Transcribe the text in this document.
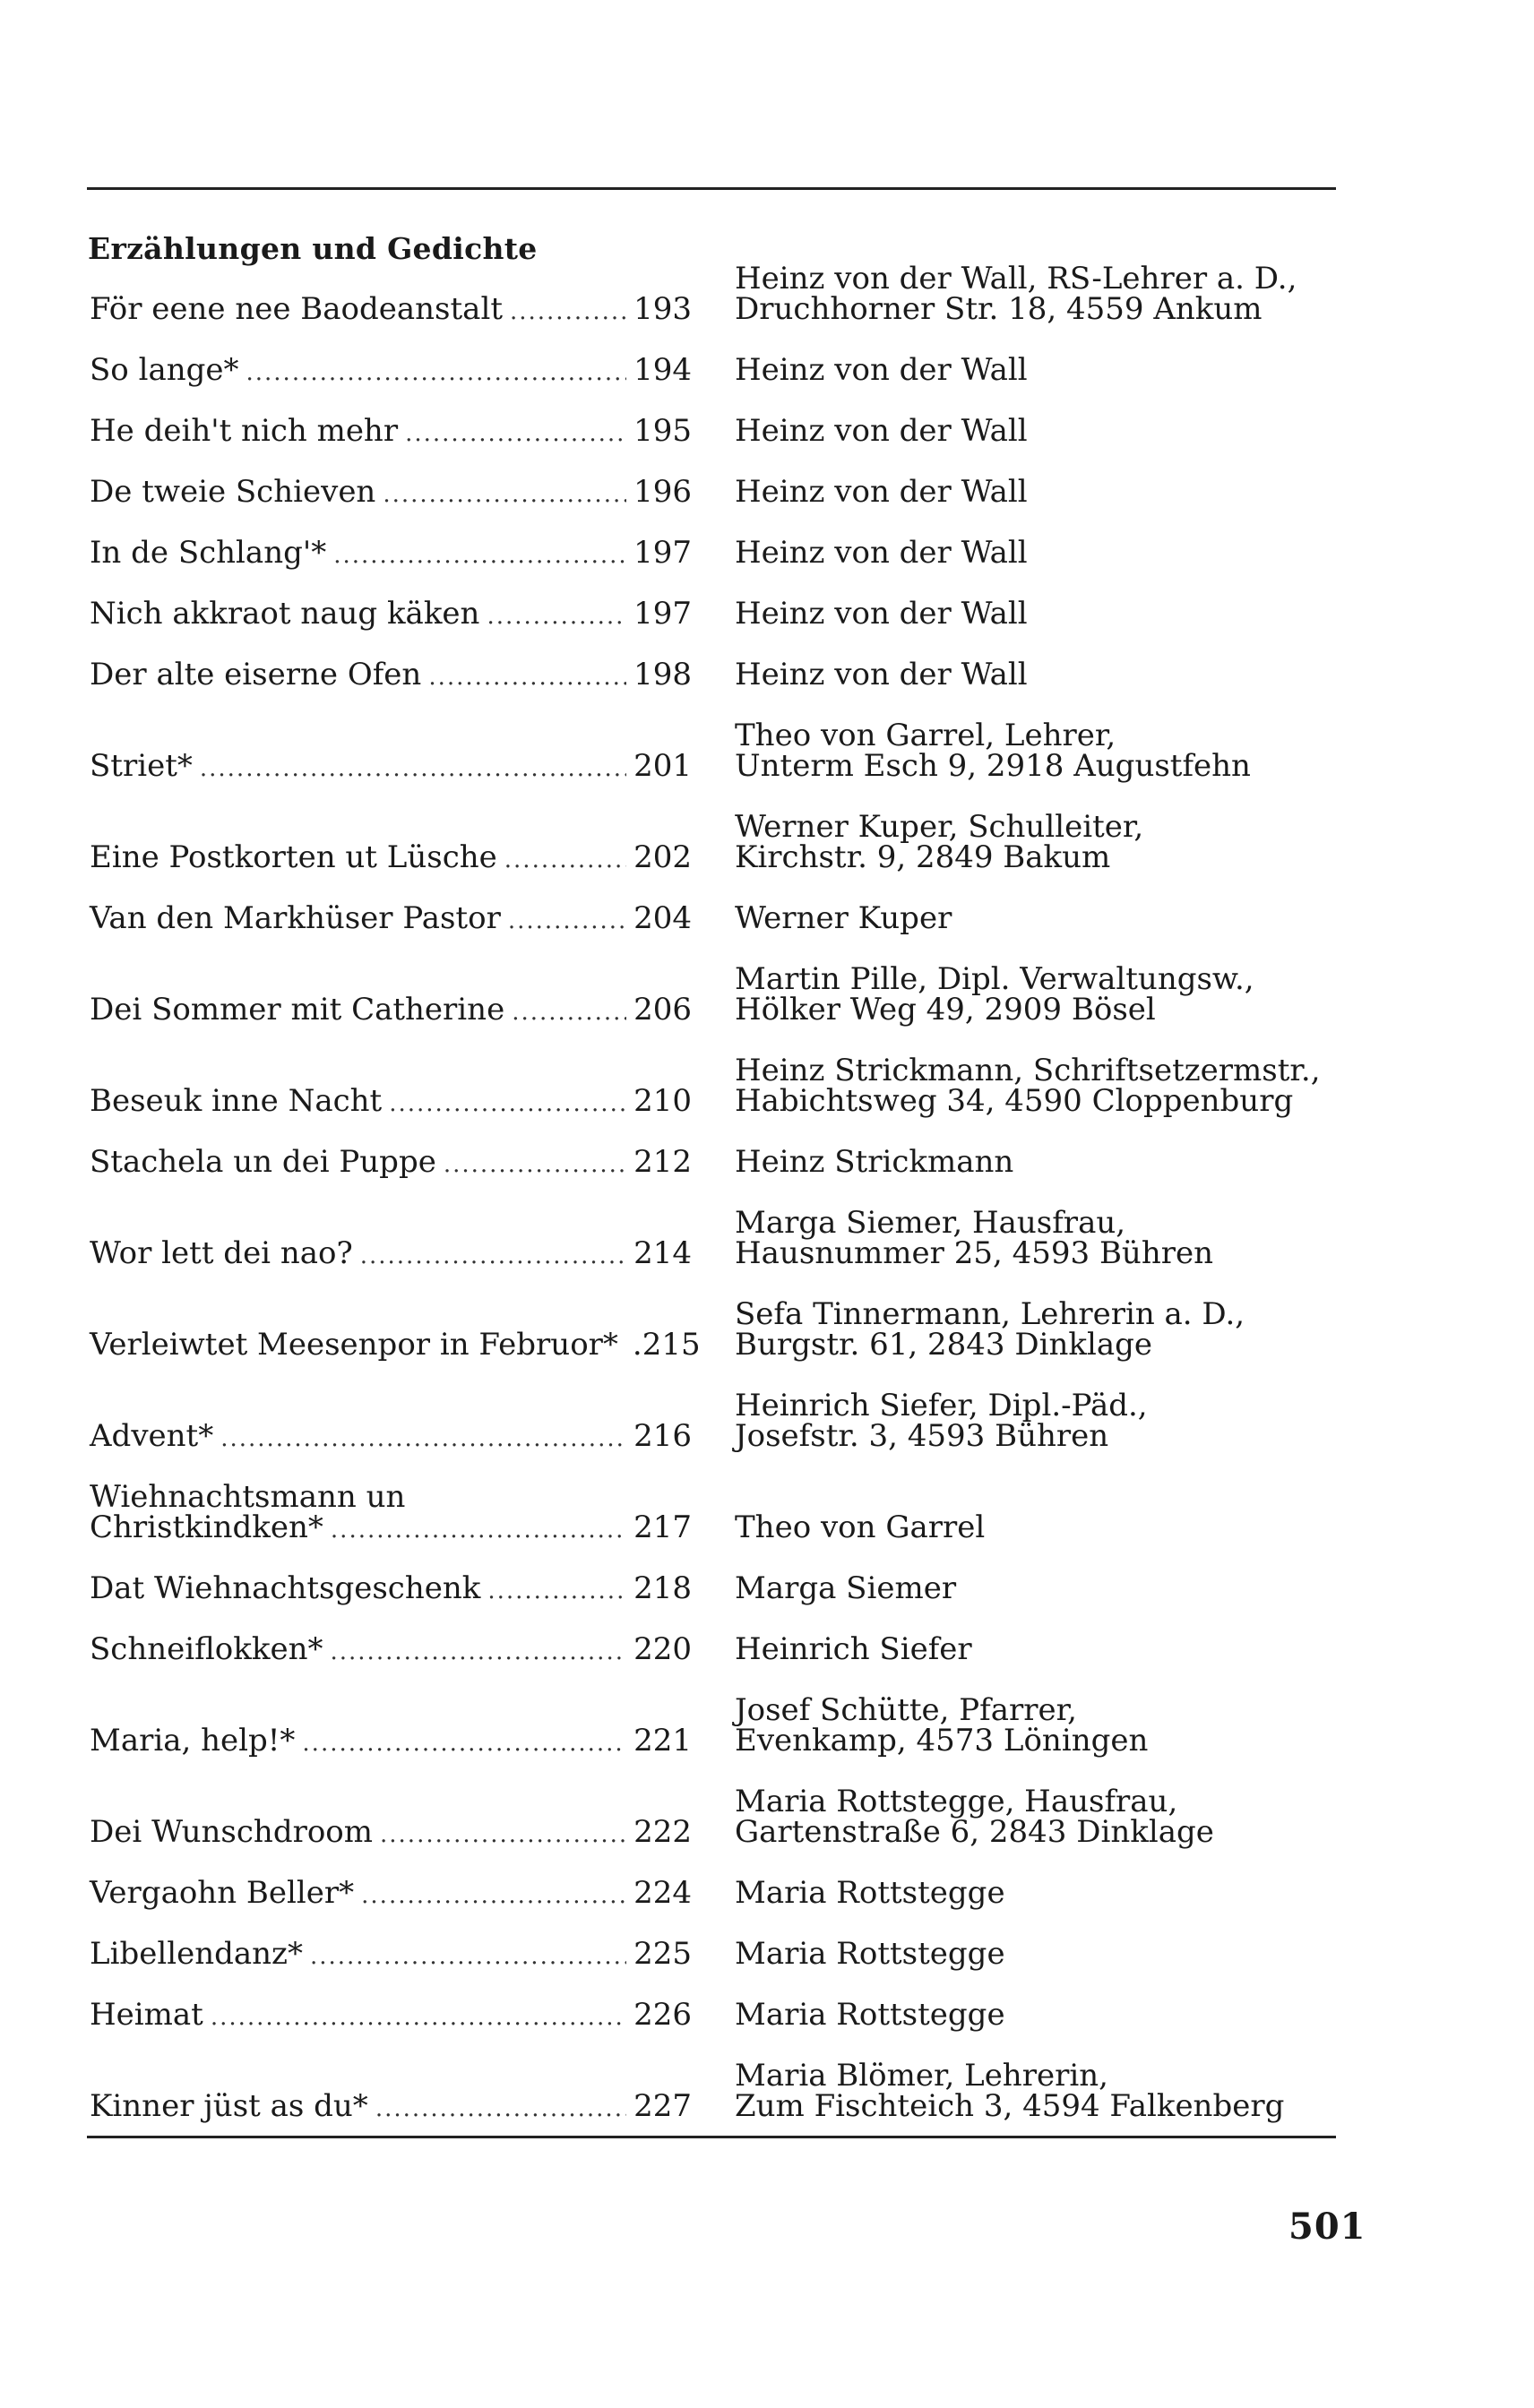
Erzählungen und Gedichte
För eene nee Baodeanstalt .....	193
Heinz von der Wall, RS-Lehrer a. D.,
Druchhorner Str. 18, 4559 Ankum
So lange* .....	194 Heinz von der Wall
He deih't nich mehr .....	195 Heinz von der Wall
De tweie Schieven .....	196 Heinz von der Wall
In de Schlang'* .....	197 Heinz von der Wall
Nich akkraot naug käken .....	197 Heinz von der Wall
Der alte eiserne Ofen .....	198 Heinz von der Wall
Striet* .....	201
Theo von Garrel, Lehrer,
Unterm Esch 9, 2918 Augustfehn
Eine Postkorten ut Lüsche .....	202
Werner Kuper, Schulleiter,
Kirchstr. 9, 2849 Bakum
Van den Markhüser Pastor .....	204 Werner Kuper
Dei Sommer mit Catherine .....	206
Martin Pille, Dipl. Verwaltungsw.,
Hölker Weg 49, 2909 Bösel
Beseuk inne Nacht .....	210
Heinz Strickmann, Schriftsetzermstr.,
Habichtsweg 34, 4590 Cloppenburg
Stachela un dei Puppe .....	212 Heinz Strickmann
Wor lett dei nao? .....	214
Marga Siemer, Hausfrau,
Hausnummer 25, 4593 Bühren
Verleiwtet Meesenpor in Februor* .215
Sefa Tinnermann, Lehrerin a. D.,
Burgstr. 61, 2843 Dinklage
Advent* .....	216
Heinrich Siefer, Dipl.-Päd.,
Josefstr. 3, 4593 Bühren
Wiehnachtsmann un
Christkindken* .....	217 Theo von Garrel
Dat Wiehnachtsgeschenk .....	218 Marga Siemer
Schneiflokken* .....	220 Heinrich Siefer
Maria, help!* .....	221
Josef Schütte, Pfarrer,
Evenkamp, 4573 Löningen
Dei Wunschdroom .....	222
Maria Rottstegge, Hausfrau,
Gartenstraße 6, 2843 Dinklage
Vergaohn Beller* .....	224 Maria Rottstegge
Libellendanz* .....	225 Maria Rottstegge
Heimat .....	226 Maria Rottstegge
Kinner jüst as du* .....	227
Maria Blömer, Lehrerin,
Zum Fischteich 3, 4594 Falkenberg
501
